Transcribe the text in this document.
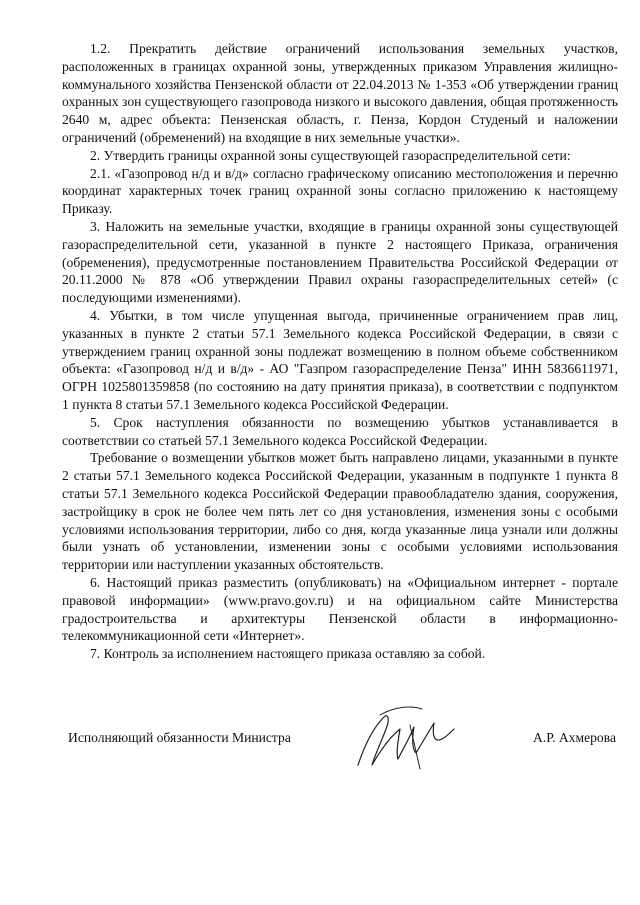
1.2. Прекратить действие ограничений использования земельных участков, расположенных в границах охранной зоны, утвержденных приказом Управления жилищно-коммунального хозяйства Пензенской области от 22.04.2013 № 1-353 «Об утверждении границ охранных зон существующего газопровода низкого и высокого давления, общая протяженность 2640 м, адрес объекта: Пензенская область, г. Пенза, Кордон Студеный и наложении ограничений (обременений) на входящие в них земельные участки».

2. Утвердить границы охранной зоны существующей газораспределительной сети:

2.1. «Газопровод н/д и в/д» согласно графическому описанию местоположения и перечню координат характерных точек границ охранной зоны согласно приложению к настоящему Приказу.

3. Наложить на земельные участки, входящие в границы охранной зоны существующей газораспределительной сети, указанной в пункте 2 настоящего Приказа, ограничения (обременения), предусмотренные постановлением Правительства Российской Федерации от 20.11.2000 № 878 «Об утверждении Правил охраны газораспределительных сетей» (с последующими изменениями).

4. Убытки, в том числе упущенная выгода, причиненные ограничением прав лиц, указанных в пункте 2 статьи 57.1 Земельного кодекса Российской Федерации, в связи с утверждением границ охранной зоны подлежат возмещению в полном объеме собственником объекта: «Газопровод н/д и в/д» - АО "Газпром газораспределение Пенза" ИНН 5836611971, ОГРН 1025801359858 (по состоянию на дату принятия приказа), в соответствии с подпунктом 1 пункта 8 статьи 57.1 Земельного кодекса Российской Федерации.

5. Срок наступления обязанности по возмещению убытков устанавливается в соответствии со статьей 57.1 Земельного кодекса Российской Федерации.

Требование о возмещении убытков может быть направлено лицами, указанными в пункте 2 статьи 57.1 Земельного кодекса Российской Федерации, указанным в подпункте 1 пункта 8 статьи 57.1 Земельного кодекса Российской Федерации правообладателю здания, сооружения, застройщику в срок не более чем пять лет со дня установления, изменения зоны с особыми условиями использования территории, либо со дня, когда указанные лица узнали или должны были узнать об установлении, изменении зоны с особыми условиями использования территории или наступлении указанных обстоятельств.

6. Настоящий приказ разместить (опубликовать) на «Официальном интернет - портале правовой информации» (www.pravo.gov.ru) и на официальном сайте Министерства градостроительства и архитектуры Пензенской области в информационно-телекоммуникационной сети «Интернет».

7. Контроль за исполнением настоящего приказа оставляю за собой.

Исполняющий обязанности Министра	А.Р. Ахмерова
